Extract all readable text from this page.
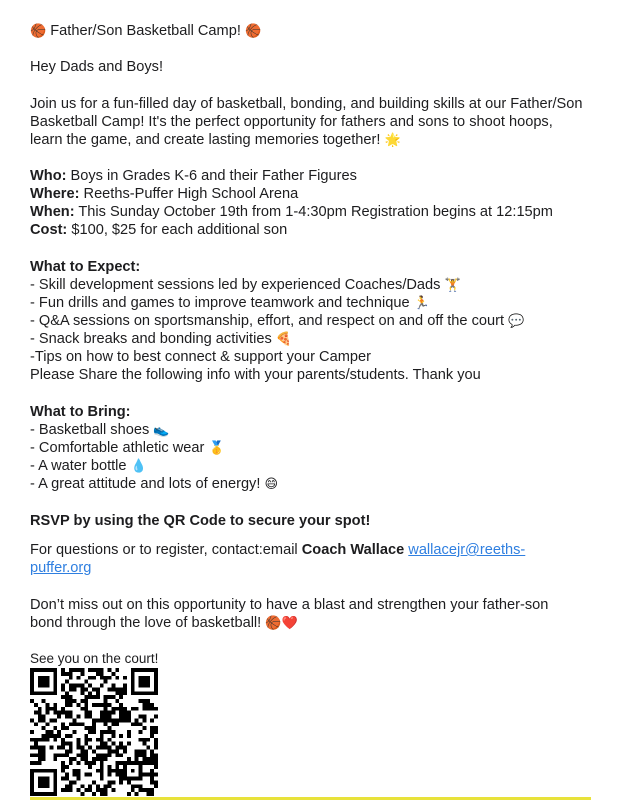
🏀 Father/Son Basketball Camp! 🏀

Hey Dads and Boys!

Join us for a fun-filled day of basketball, bonding, and building skills at our Father/Son

Basketball Camp! It's the perfect opportunity for fathers and sons to shoot hoops,

learn the game, and create lasting memories together! 🌟

Who: Boys in Grades K-6 and their Father Figures

Where: Reeths-Puffer High School Arena

When: This Sunday October 19th from 1-4:30pm Registration begins at 12:15pm

Cost: $100, $25 for each additional son

What to Expect:

- Skill development sessions led by experienced Coaches/Dads 🏋

- Fun drills and games to improve teamwork and technique 🏃

- Q&A sessions on sportsmanship, effort, and respect on and off the court 💬

- Snack breaks and bonding activities 🍕

-Tips on how to best connect & support your Camper

Please Share the following info with your parents/students. Thank you

What to Bring:

- Basketball shoes 👟

- Comfortable athletic wear 🥇

- A water bottle 💧

- A great attitude and lots of energy! 😄

RSVP by using the QR Code to secure your spot!

For questions or to register, contact:email Coach Wallace wallacejr@reeths-

puffer.org

Don’t miss out on this opportunity to have a blast and strengthen your father-son

bond through the love of basketball! 🏀❤️

See you on the court!
